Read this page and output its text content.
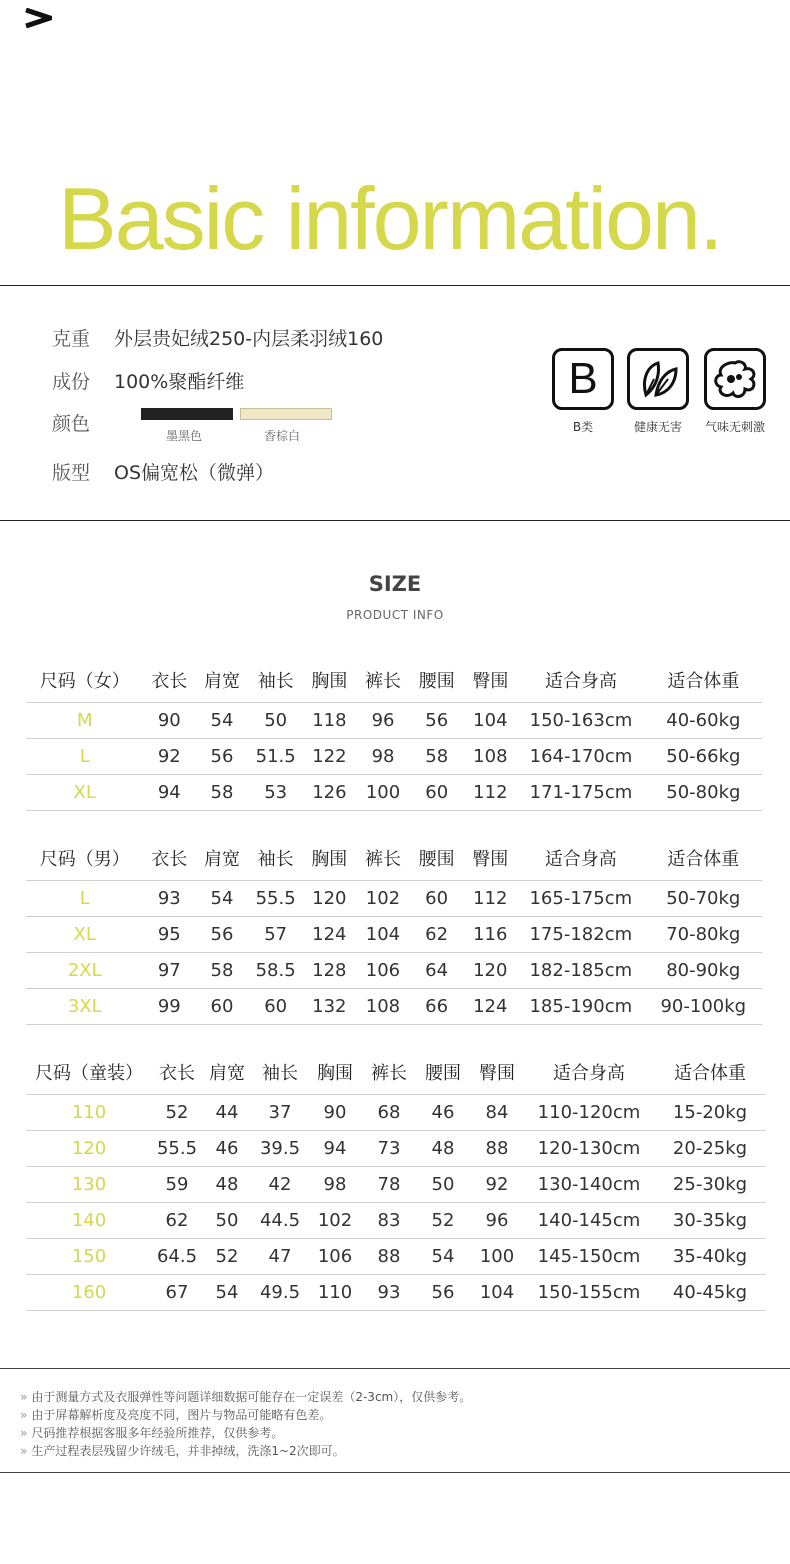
Basic information.
克重 外层贵妃绒250-内层柔羽绒160
成份 100%聚酯纤维
颜色
墨黑色	香棕白
版型 OS偏宽松（微弹）
B
B类	健康无害	气味无刺激
SIZE
PRODUCT INFO
尺码（女）	衣长	肩宽	袖长	胸围	裤长	腰围	臀围	适合身高	适合体重
M	90	54	50	118	96	56	104	150-163cm	40-60kg
L	92	56	51.5	122	98	58	108	164-170cm	50-66kg
XL	94	58	53	126	100	60	112	171-175cm	50-80kg
尺码（男）	衣长	肩宽	袖长	胸围	裤长	腰围	臀围	适合身高	适合体重
L	93	54	55.5	120	102	60	112	165-175cm	50-70kg
XL	95	56	57	124	104	62	116	175-182cm	70-80kg
2XL	97	58	58.5	128	106	64	120	182-185cm	80-90kg
3XL	99	60	60	132	108	66	124	185-190cm	90-100kg
尺码（童装）	衣长	肩宽	袖长	胸围	裤长	腰围	臀围	适合身高	适合体重
110	52	44	37	90	68	46	84	110-120cm	15-20kg
120	55.5	46	39.5	94	73	48	88	120-130cm	20-25kg
130	59	48	42	98	78	50	92	130-140cm	25-30kg
140	62	50	44.5	102	83	52	96	140-145cm	30-35kg
150	64.5	52	47	106	88	54	100	145-150cm	35-40kg
160	67	54	49.5	110	93	56	104	150-155cm	40-45kg
» 由于测量方式及衣服弹性等问题详细数据可能存在一定误差（2-3cm），仅供参考。
» 由于屏幕解析度及亮度不同，图片与物品可能略有色差。
» 尺码推荐根据客服多年经验所推荐，仅供参考。
» 生产过程表层残留少许绒毛，并非掉绒，洗涤1~2次即可。
